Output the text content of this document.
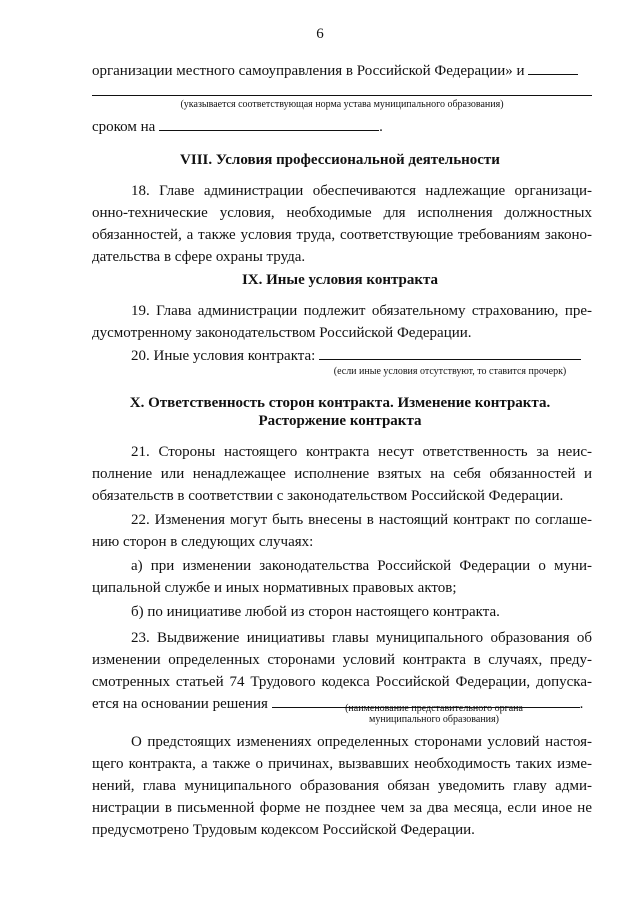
6
организации местного самоуправления в Российской Федерации» и
(указывается соответствующая норма устава муниципального образования)
сроком на	.
VIII. Условия профессиональной деятельности
18. Главе администрации обеспечиваются надлежащие организаци-
онно-технические условия, необходимые для исполнения должностных
обязанностей, а также условия труда, соответствующие требованиям законо-
дательства в сфере охраны труда.
IX. Иные условия контракта
19. Глава администрации подлежит обязательному страхованию, пре-
дусмотренному законодательством Российской Федерации.
20. Иные условия контракта:
(если иные условия отсутствуют, то ставится прочерк)
X. Ответственность сторон контракта. Изменение контракта.
Расторжение контракта
21. Стороны настоящего контракта несут ответственность за неис-
полнение или ненадлежащее исполнение взятых на себя обязанностей и
обязательств в соответствии с законодательством Российской Федерации.
22. Изменения могут быть внесены в настоящий контракт по соглаше-
нию сторон в следующих случаях:
а) при изменении законодательства Российской Федерации о муни-
ципальной службе и иных нормативных правовых актов;
б) по инициативе любой из сторон настоящего контракта.
23. Выдвижение инициативы главы муниципального образования об
изменении определенных сторонами условий контракта в случаях, преду-
смотренных статьей 74 Трудового кодекса Российской Федерации, допуска-
ется на основании решения	.
(наименование представительного органа
муниципального образования)
О предстоящих изменениях определенных сторонами условий настоя-
щего контракта, а также о причинах, вызвавших необходимость таких изме-
нений, глава муниципального образования обязан уведомить главу адми-
нистрации в письменной форме не позднее чем за два месяца, если иное не
предусмотрено Трудовым кодексом Российской Федерации.
